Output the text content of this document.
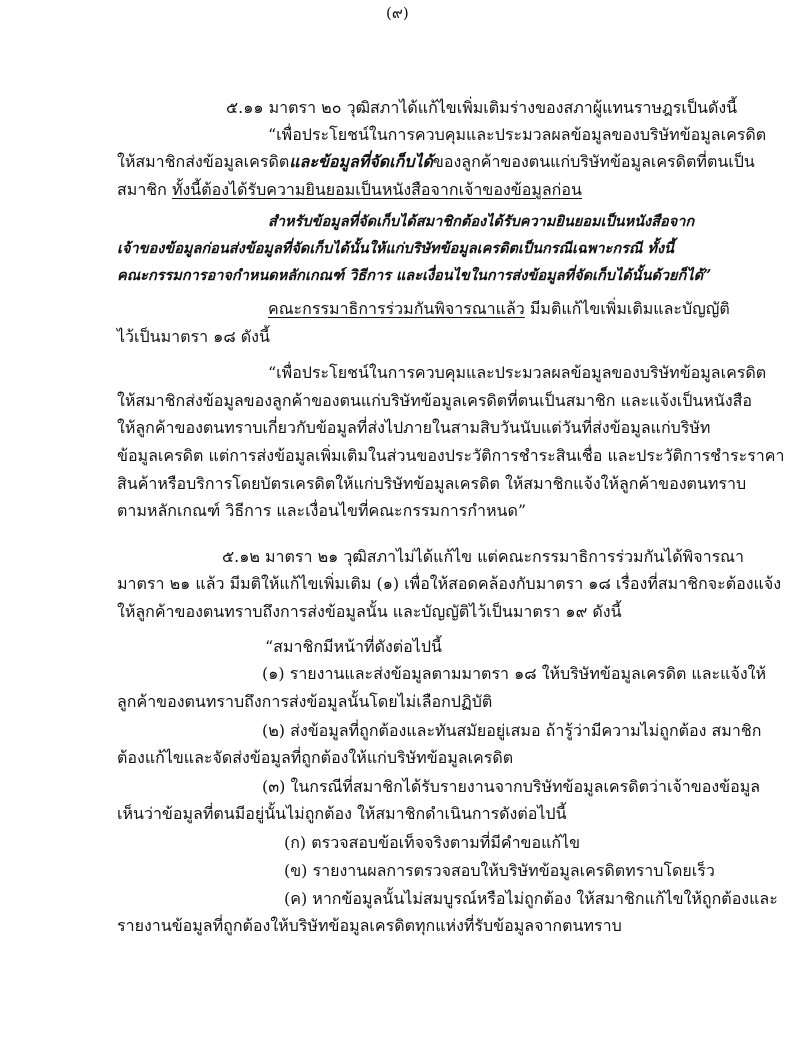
(๙)
๕.๑๑ มาตรา ๒๐ วุฒิสภาได้แก้ไขเพิ่มเติมร่างของสภาผู้แทนราษฎรเป็นดังนี้
“เพื่อประโยชน์ในการควบคุมและประมวลผลข้อมูลของบริษัทข้อมูลเครดิต
ให้สมาชิกส่งข้อมูลเครดิตและข้อมูลที่จัดเก็บได้ของลูกค้าของตนแก่บริษัทข้อมูลเครดิตที่ตนเป็น
สมาชิก ทั้งนี้ต้องได้รับความยินยอมเป็นหนังสือจากเจ้าของข้อมูลก่อน
สำหรับข้อมูลที่จัดเก็บได้สมาชิกต้องได้รับความยินยอมเป็นหนังสือจาก
เจ้าของข้อมูลก่อนส่งข้อมูลที่จัดเก็บได้นั้นให้แก่บริษัทข้อมูลเครดิตเป็นกรณีเฉพาะกรณี ทั้งนี้
คณะกรรมการอาจกำหนดหลักเกณฑ์ วิธีการ และเงื่อนไขในการส่งข้อมูลที่จัดเก็บได้นั้นด้วยก็ได้”
คณะกรรมาธิการร่วมกันพิจารณาแล้ว มีมติแก้ไขเพิ่มเติมและบัญญัติ
ไว้เป็นมาตรา ๑๘ ดังนี้
“เพื่อประโยชน์ในการควบคุมและประมวลผลข้อมูลของบริษัทข้อมูลเครดิต
ให้สมาชิกส่งข้อมูลของลูกค้าของตนแก่บริษัทข้อมูลเครดิตที่ตนเป็นสมาชิก และแจ้งเป็นหนังสือ
ให้ลูกค้าของตนทราบเกี่ยวกับข้อมูลที่ส่งไปภายในสามสิบวันนับแต่วันที่ส่งข้อมูลแก่บริษัท
ข้อมูลเครดิต แต่การส่งข้อมูลเพิ่มเติมในส่วนของประวัติการชำระสินเชื่อ และประวัติการชำระราคา
สินค้าหรือบริการโดยบัตรเครดิตให้แก่บริษัทข้อมูลเครดิต ให้สมาชิกแจ้งให้ลูกค้าของตนทราบ
ตามหลักเกณฑ์ วิธีการ และเงื่อนไขที่คณะกรรมการกำหนด”
๕.๑๒ มาตรา ๒๑ วุฒิสภาไม่ได้แก้ไข แต่คณะกรรมาธิการร่วมกันได้พิจารณา
มาตรา ๒๑ แล้ว มีมติให้แก้ไขเพิ่มเติม (๑) เพื่อให้สอดคล้องกับมาตรา ๑๘ เรื่องที่สมาชิกจะต้องแจ้ง
ให้ลูกค้าของตนทราบถึงการส่งข้อมูลนั้น และบัญญัติไว้เป็นมาตรา ๑๙ ดังนี้
“สมาชิกมีหน้าที่ดังต่อไปนี้
(๑) รายงานและส่งข้อมูลตามมาตรา ๑๘ ให้บริษัทข้อมูลเครดิต และแจ้งให้
ลูกค้าของตนทราบถึงการส่งข้อมูลนั้นโดยไม่เลือกปฏิบัติ
(๒) ส่งข้อมูลที่ถูกต้องและทันสมัยอยู่เสมอ ถ้ารู้ว่ามีความไม่ถูกต้อง สมาชิก
ต้องแก้ไขและจัดส่งข้อมูลที่ถูกต้องให้แก่บริษัทข้อมูลเครดิต
(๓) ในกรณีที่สมาชิกได้รับรายงานจากบริษัทข้อมูลเครดิตว่าเจ้าของข้อมูล
เห็นว่าข้อมูลที่ตนมีอยู่นั้นไม่ถูกต้อง ให้สมาชิกดำเนินการดังต่อไปนี้
(ก) ตรวจสอบข้อเท็จจริงตามที่มีคำขอแก้ไข
(ข) รายงานผลการตรวจสอบให้บริษัทข้อมูลเครดิตทราบโดยเร็ว
(ค) หากข้อมูลนั้นไม่สมบูรณ์หรือไม่ถูกต้อง ให้สมาชิกแก้ไขให้ถูกต้องและ
รายงานข้อมูลที่ถูกต้องให้บริษัทข้อมูลเครดิตทุกแห่งที่รับข้อมูลจากตนทราบ
